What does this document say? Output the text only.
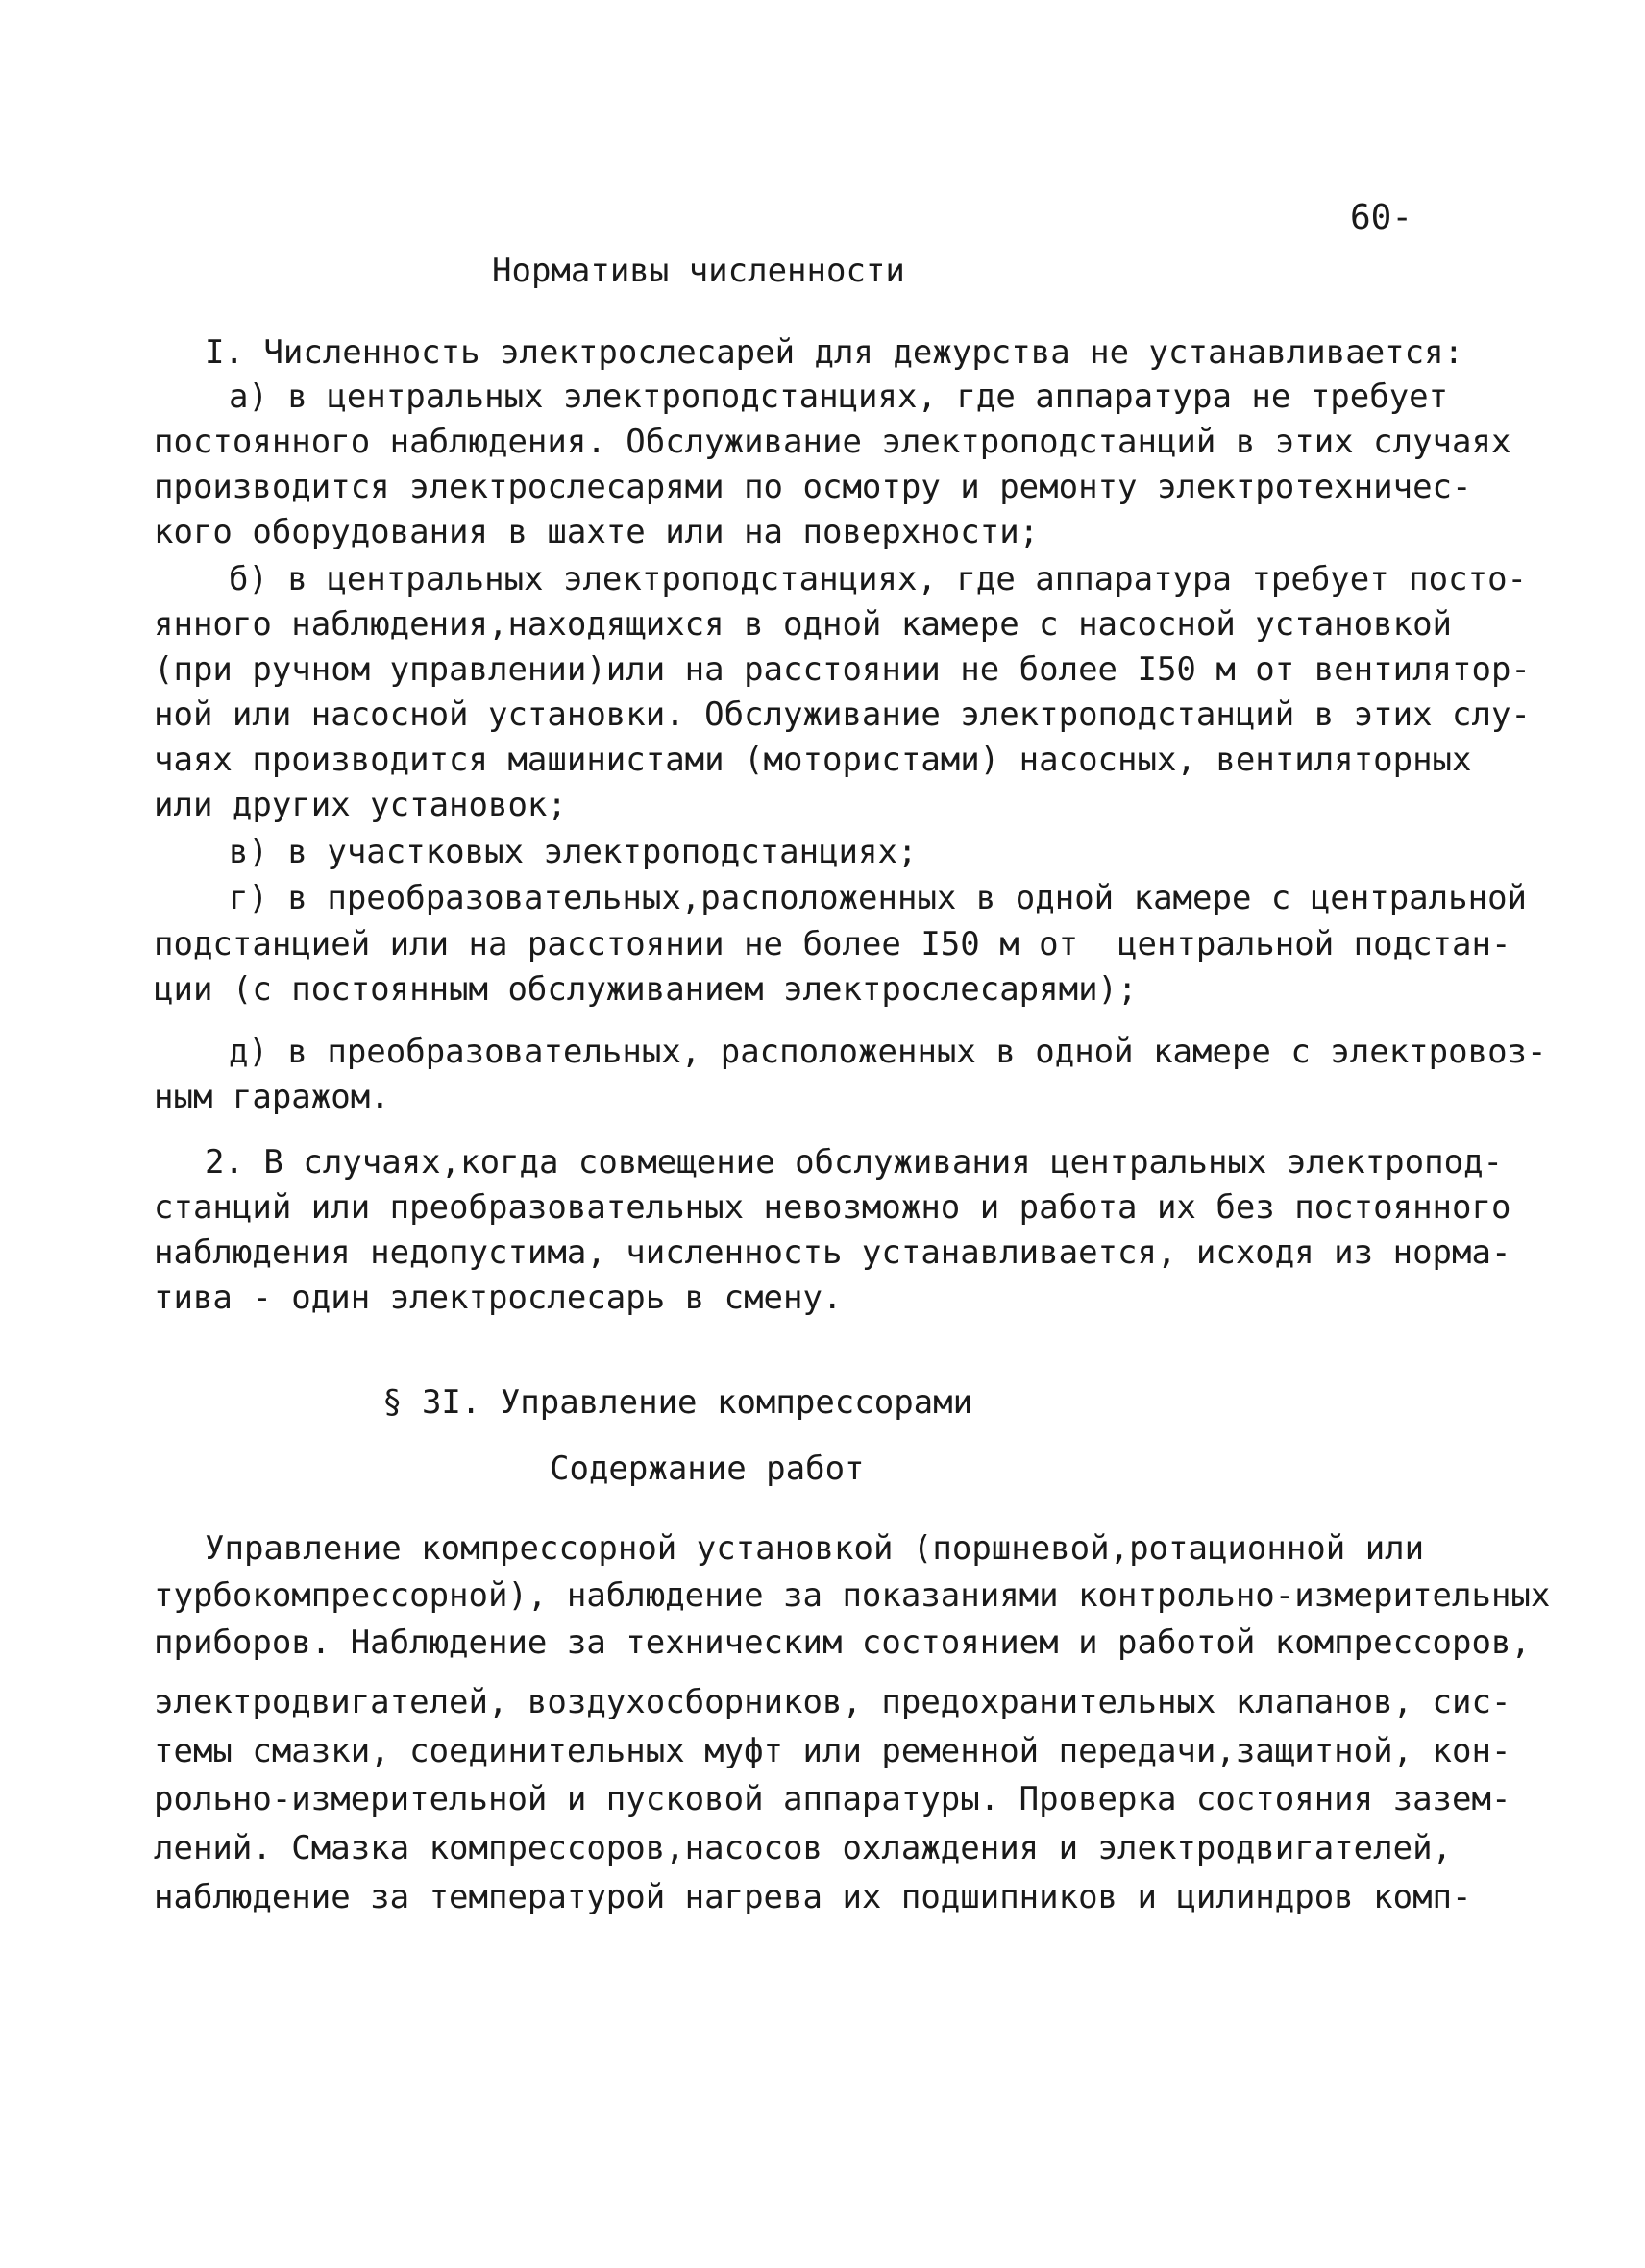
60-
Нормативы численности
I. Численность электрослесарей для дежурства не устанавливается:
а) в центральных электроподстанциях, где аппаратура не требует
постоянного наблюдения. Обслуживание электроподстанций в этих случаях
производится электрослесарями по осмотру и ремонту электротехничес-
кого оборудования в шахте или на поверхности;
б) в центральных электроподстанциях, где аппаратура требует посто-
янного наблюдения,находящихся в одной камере с насосной установкой
(при ручном управлении)или на расстоянии не более I50 м от вентилятор-
ной или насосной установки. Обслуживание электроподстанций в этих слу-
чаях производится машинистами (мотористами) насосных, вентиляторных
или других установок;
в) в участковых электроподстанциях;
г) в преобразовательных,расположенных в одной камере с центральной
подстанцией или на расстоянии не более I50 м от  центральной подстан-
ции (с постоянным обслуживанием электрослесарями);
д) в преобразовательных, расположенных в одной камере с электровоз-
ным гаражом.
2. В случаях,когда совмещение обслуживания центральных электропод-
станций или преобразовательных невозможно и работа их без постоянного
наблюдения недопустима, численность устанавливается, исходя из норма-
тива - один электрослесарь в смену.
§ 3I. Управление компрессорами
Содержание работ
Управление компрессорной установкой (поршневой,ротационной или
турбокомпрессорной), наблюдение за показаниями контрольно-измерительных
приборов. Наблюдение за техническим состоянием и работой компрессоров,
электродвигателей, воздухосборников, предохранительных клапанов, сис-
темы смазки, соединительных муфт или ременной передачи,защитной, кон-
рольно-измерительной и пусковой аппаратуры. Проверка состояния зазем-
лений. Смазка компрессоров,насосов охлаждения и электродвигателей,
наблюдение за температурой нагрева их подшипников и цилиндров комп-
